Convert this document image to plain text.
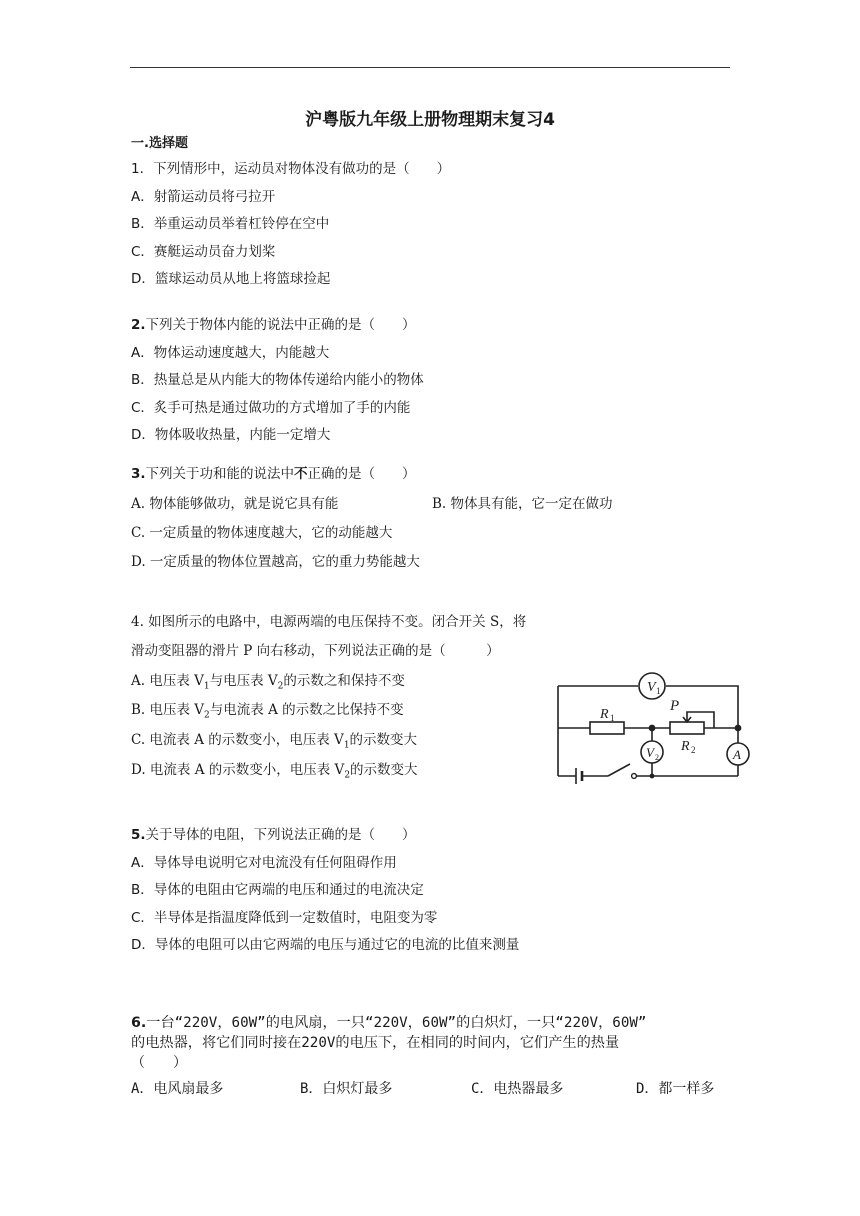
沪粤版九年级上册物理期末复习4
一.选择题
1．下列情形中，运动员对物体没有做功的是（　　）
A．射箭运动员将弓拉开
B．举重运动员举着杠铃停在空中
C．赛艇运动员奋力划桨
D．篮球运动员从地上将篮球捡起
2.下列关于物体内能的说法中正确的是（　　）
A．物体运动速度越大，内能越大
B．热量总是从内能大的物体传递给内能小的物体
C．炙手可热是通过做功的方式增加了手的内能
D．物体吸收热量，内能一定增大
3.下列关于功和能的说法中不正确的是（　　）
A. 物体能够做功，就是说它具有能	B. 物体具有能，它一定在做功
C. 一定质量的物体速度越大，它的动能越大
D. 一定质量的物体位置越高，它的重力势能越大
4. 如图所示的电路中，电源两端的电压保持不变。闭合开关 S，将
滑动变阻器的滑片 P 向右移动，下列说法正确的是（　　　）
A. 电压表 $V_1$与电压表 $V_2$的示数之和保持不变
B. 电压表 $V_2$与电流表 A 的示数之比保持不变
C. 电流表 A 的示数变小，电压表 $V_1$的示数变大
D. 电流表 A 的示数变小，电压表 $V_2$的示数变大
V 1
V 2	A
R 1
R 2
P
5.关于导体的电阻，下列说法正确的是（　　）
A．导体导电说明它对电流没有任何阻碍作用
B．导体的电阻由它两端的电压和通过的电流决定
C．半导体是指温度降低到一定数值时，电阻变为零
D．导体的电阻可以由它两端的电压与通过它的电流的比值来测量
6.一台“220V，60W”的电风扇，一只“220V，60W”的白炽灯，一只“220V，60W”
的电热器，将它们同时接在220V的电压下，在相同的时间内，它们产生的热量
（　　）
A．电风扇最多	B．白炽灯最多	C．电热器最多	D．都一样多
